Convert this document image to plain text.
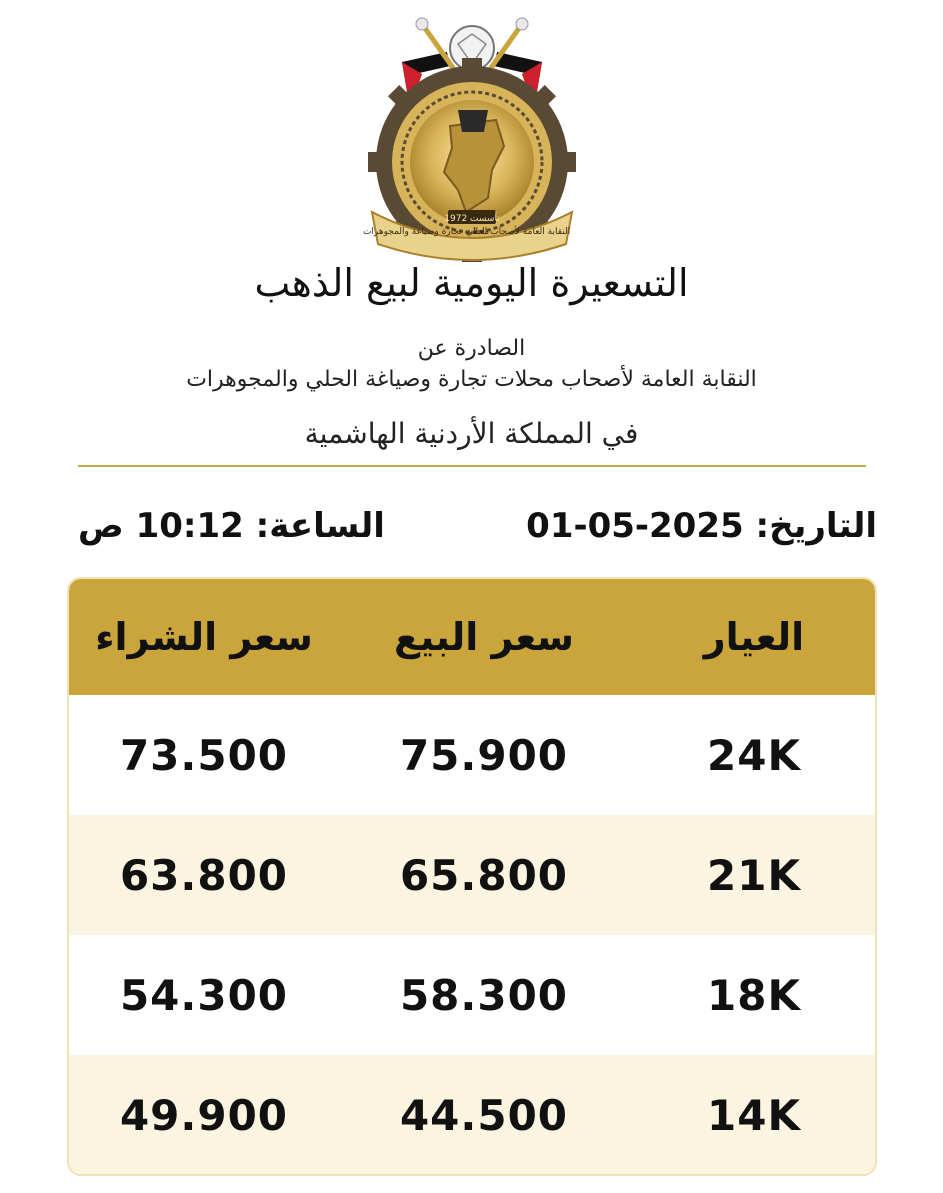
محلات تجارة وصياغة والمجوهرات
النقابة العامة لأصحاب الحلي
تأسست 1972
التسعيرة اليومية لبيع الذهب
الصادرة عن
النقابة العامة لأصحاب محلات تجارة وصياغة الحلي والمجوهرات
في المملكة الأردنية الهاشمية
التاريخ: 01-05-2025
الساعة: 10:12 ص
العيار
سعر البيع
سعر الشراء
24K
75.900
73.500
21K
65.800
63.800
18K
58.300
54.300
14K
44.500
49.900
